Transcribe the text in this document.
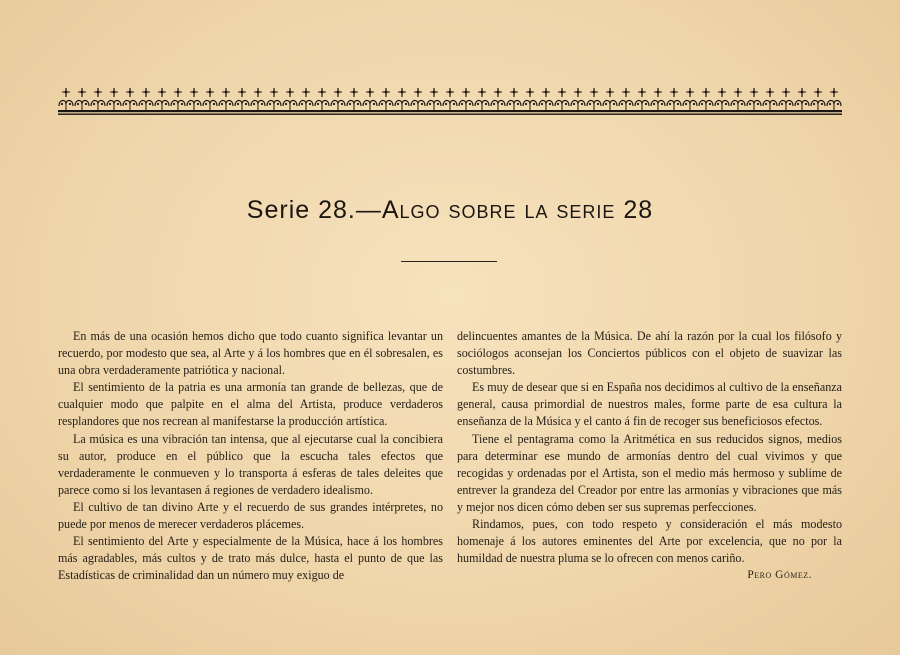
Serie 28.—Algo sobre la serie 28

En más de una ocasión hemos dicho que todo cuanto significa levantar un recuerdo, por modesto que sea, al Arte y á los hombres que en él sobresalen, es una obra verdaderamente patriótica y nacional.

El sentimiento de la patria es una armonía tan grande de bellezas, que de cualquier modo que palpite en el alma del Artista, produce verdaderos resplandores que nos recrean al manifestarse la producción artística.

La música es una vibración tan intensa, que al ejecutarse cual la concibiera su autor, produce en el público que la escucha tales efectos que verdaderamente le conmueven y lo transporta á esferas de tales deleites que parece como si los levantasen á regiones de verdadero idealismo.

El cultivo de tan divino Arte y el recuerdo de sus grandes intérpretes, no puede por menos de merecer verdaderos plácemes.

El sentimiento del Arte y especialmente de la Música, hace á los hombres más agradables, más cultos y de trato más dulce, hasta el punto de que las Estadísticas de criminalidad dan un número muy exiguo de

delincuentes amantes de la Música. De ahí la razón por la cual los filósofo y sociólogos aconsejan los Conciertos públicos con el objeto de suavizar las costumbres.

Es muy de desear que si en España nos decidimos al cultivo de la enseñanza general, causa primordial de nuestros males, forme parte de esa cultura la enseñanza de la Música y el canto á fin de recoger sus beneficiosos efectos.

Tiene el pentagrama como la Aritmética en sus reducidos signos, medios para determinar ese mundo de armonías dentro del cual vivimos y que recogidas y ordenadas por el Artista, son el medio más hermoso y sublime de entrever la grandeza del Creador por entre las armonías y vibraciones que más y mejor nos dicen cómo deben ser sus supremas perfecciones.

Rindamos, pues, con todo respeto y consideración el más modesto homenaje á los autores eminentes del Arte por excelencia, que no por la humildad de nuestra pluma se lo ofrecen con menos cariño.

Pero Gómez.
